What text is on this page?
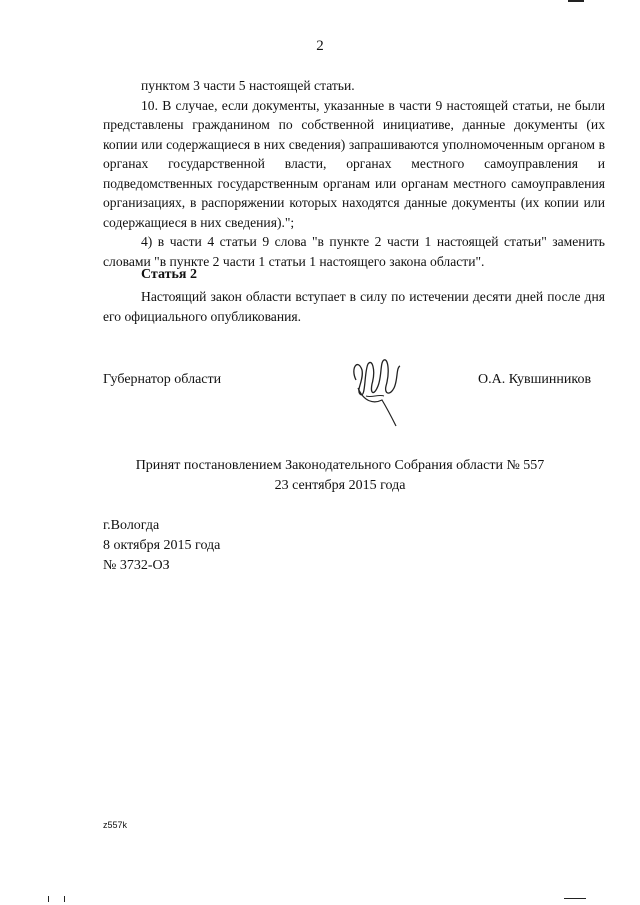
2

пунктом 3 части 5 настоящей статьи.

10. В случае, если документы, указанные в части 9 настоящей статьи, не были представлены гражданином по собственной инициативе, данные документы (их копии или содержащиеся в них сведения) запрашиваются уполномоченным органом в органах государственной власти, органах местного самоуправления и подведомственных государственным органам или органам местного самоуправления организациях, в распоряжении которых находятся данные документы (их копии или содержащиеся в них сведения).";

4) в части 4 статьи 9 слова "в пункте 2 части 1 настоящей статьи" заменить словами "в пункте 2 части 1 статьи 1 настоящего закона области".

Статья 2
Настоящий закон области вступает в силу по истечении десяти дней после дня его официального опубликования.
Губернатор области	О.А. Кувшинников
Принят постановлением Законодательного Собрания области № 557
23 сентября 2015 года
г.Вологда
8 октября 2015 года
№ 3732-ОЗ
z557k
